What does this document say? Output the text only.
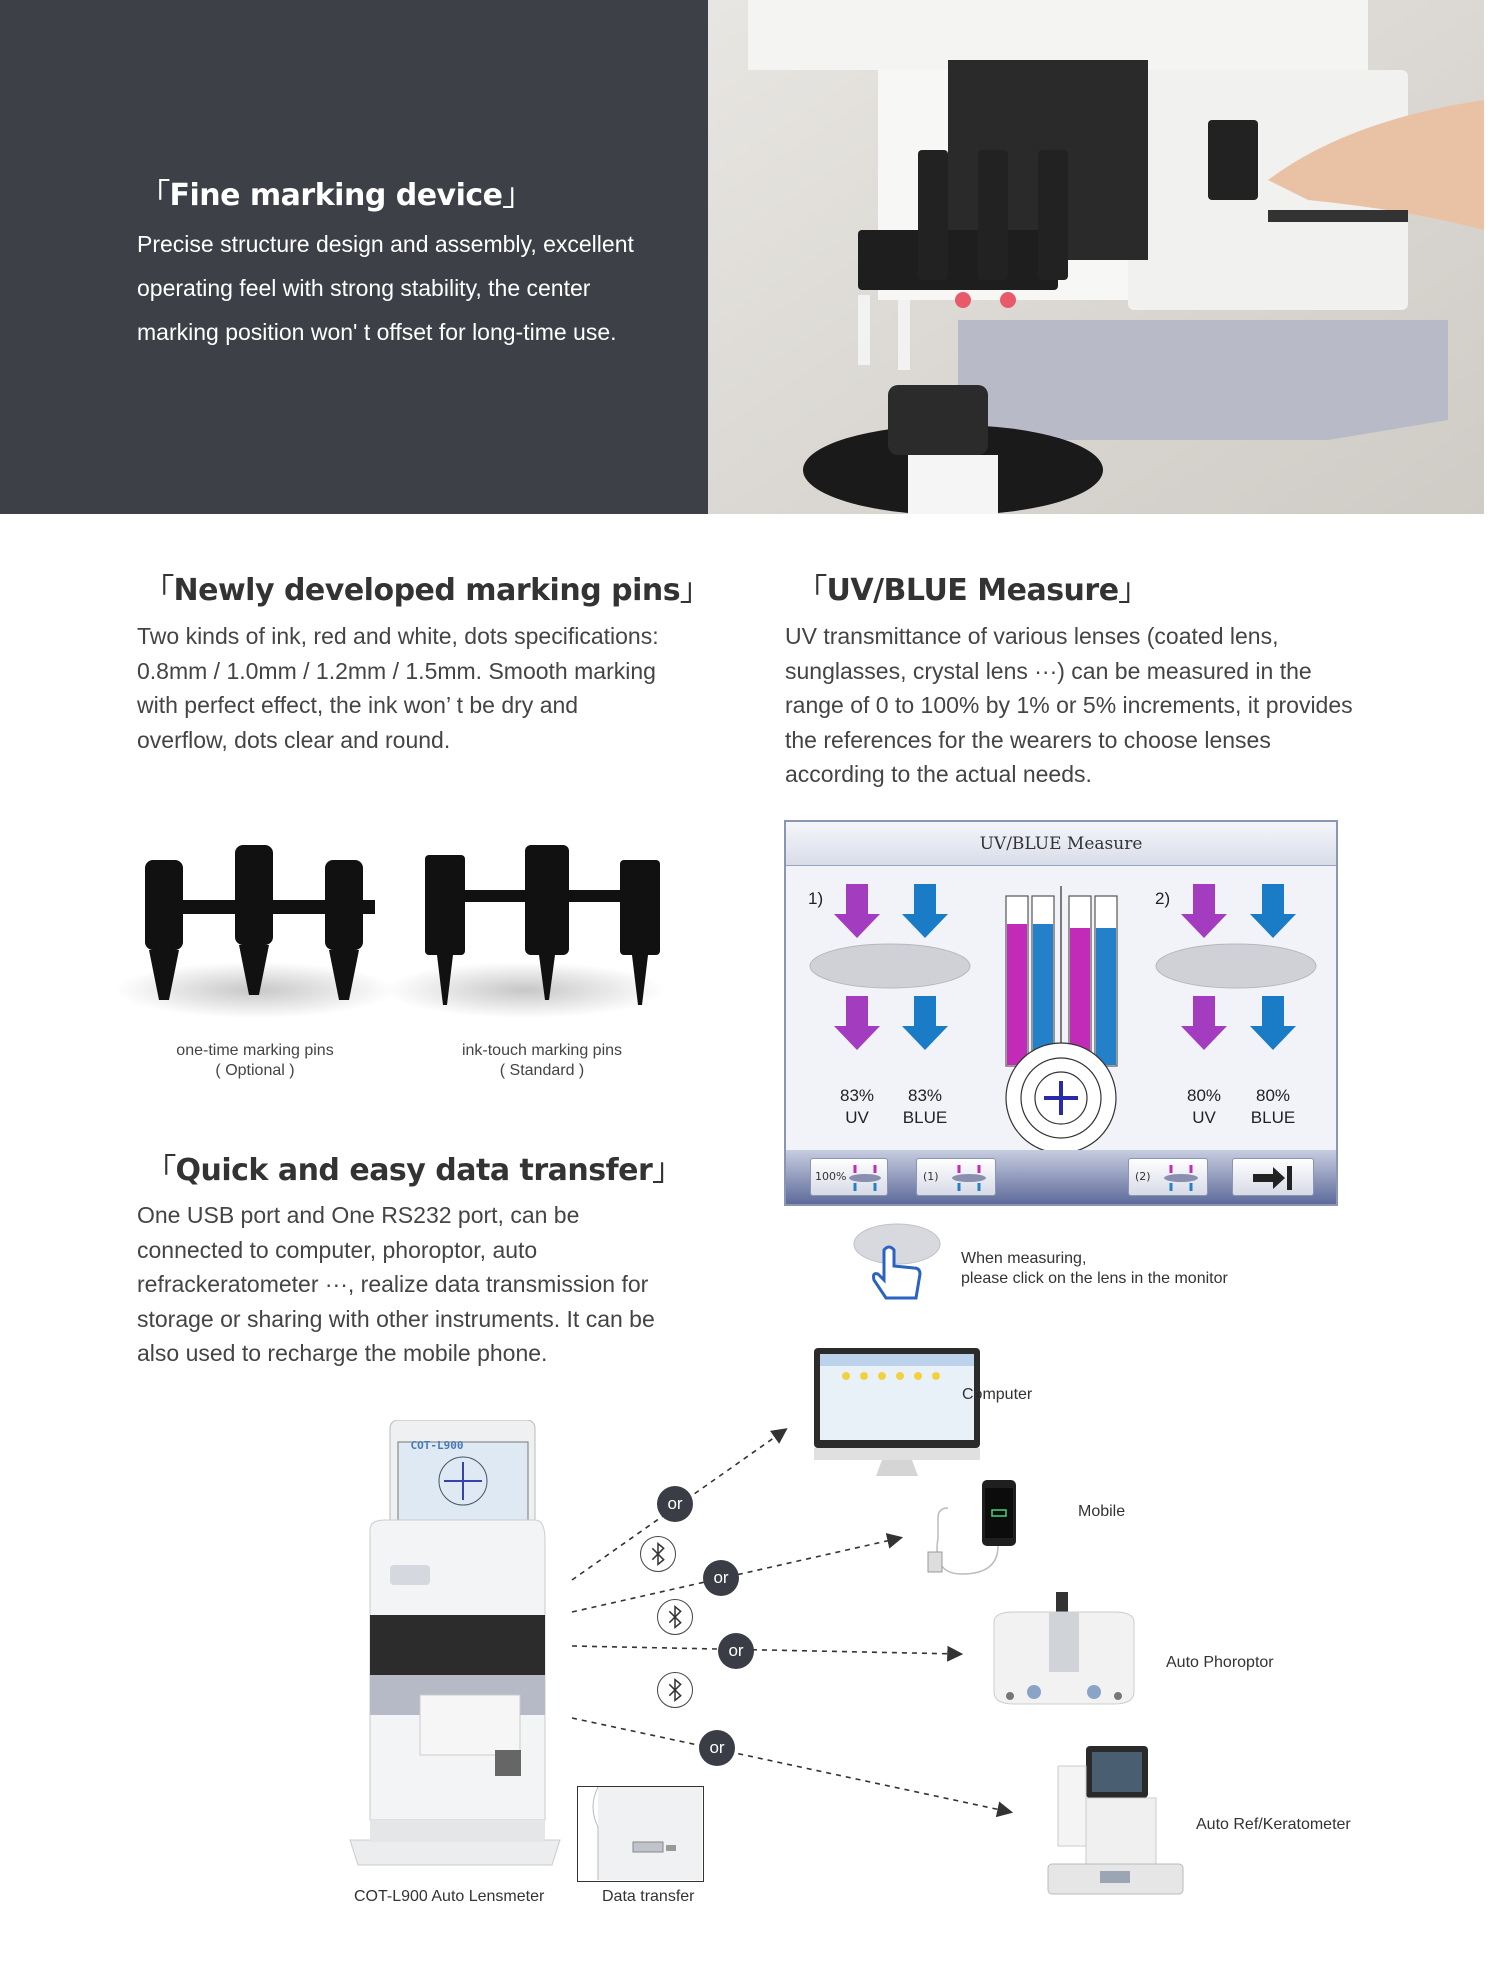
「Fine marking device」
Precise structure design and assembly, excellent
operating feel with strong stability, the center
marking position won' t offset for long-time use.
「Newly developed marking pins」
Two kinds of ink, red and white, dots specifications:
0.8mm / 1.0mm / 1.2mm / 1.5mm. Smooth marking
with perfect effect, the ink won’ t be dry and
overflow, dots clear and round.
one-time marking pins
( Optional )
ink-touch marking pins
( Standard )
「UV/BLUE Measure」
UV transmittance of various lenses (coated lens,
sunglasses, crystal lens ···) can be measured in the
range of 0 to 100% by 1% or 5% increments, it provides
the references for the wearers to choose lenses
according to the actual needs.
UV/BLUE Measure
1)	2)
83%
UV
83%
BLUE
80%
UV
80%
BLUE
100%	(1)	(2)
When measuring,
please click on the lens in the monitor
「Quick and easy data transfer」
One USB port and One RS232 port, can be
connected to computer, phoroptor, auto
refrackeratometer ···, realize data transmission for
storage or sharing with other instruments. It can be
also used to recharge the mobile phone.
COT-L900
or
or
or
or
Computer
Mobile
Auto Phoroptor
Auto Ref/Keratometer
COT-L900 Auto Lensmeter	Data transfer
